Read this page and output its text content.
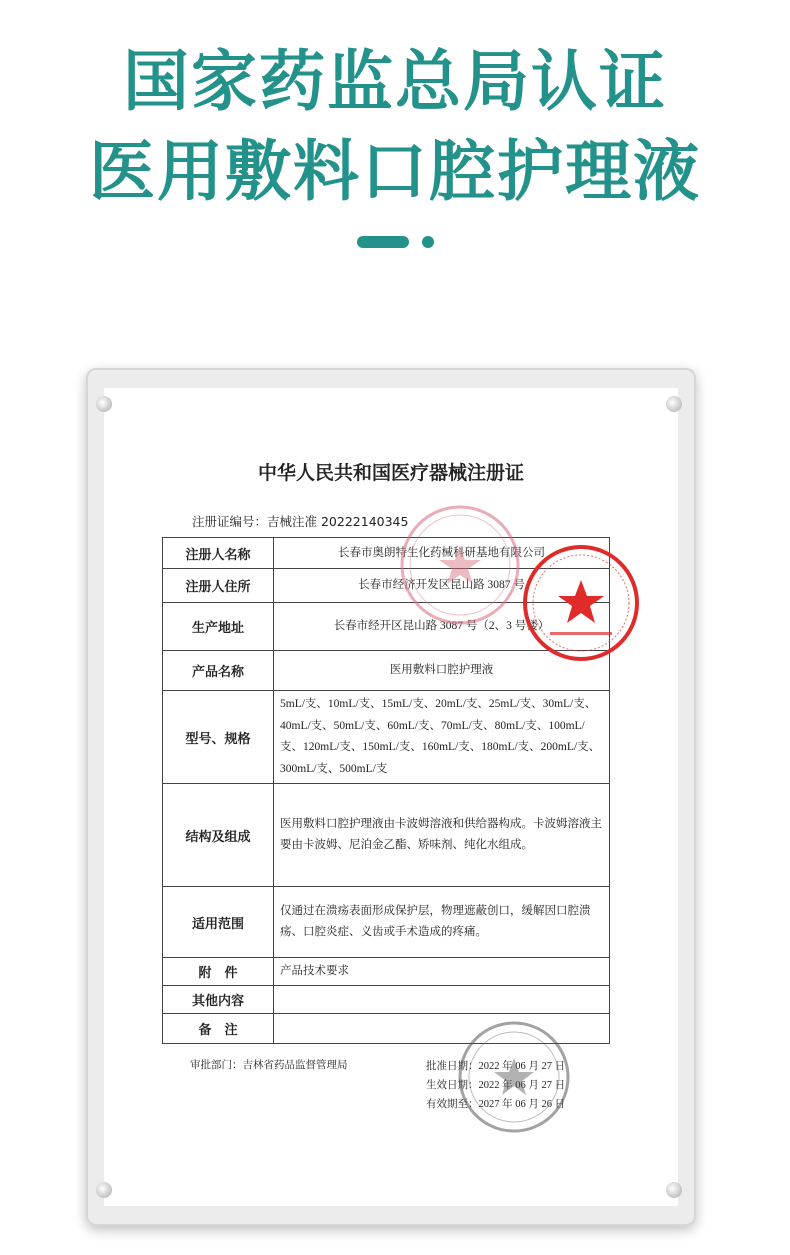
国家药监总局认证
医用敷料口腔护理液
中华人民共和国医疗器械注册证
注册证编号：吉械注准 20222140345
注册人名称	长春市奥朗特生化药械科研基地有限公司
注册人住所	长春市经济开发区昆山路 3087 号
生产地址	长春市经开区昆山路 3087 号（2、3 号楼）
产品名称	医用敷料口腔护理液
型号、规格	5mL/支、10mL/支、15mL/支、20mL/支、25mL/支、30mL/支、40mL/支、50mL/支、60mL/支、70mL/支、80mL/支、100mL/支、120mL/支、150mL/支、160mL/支、180mL/支、200mL/支、300mL/支、500mL/支
结构及组成	医用敷料口腔护理液由卡波姆溶液和供给器构成。卡波姆溶液主要由卡波姆、尼泊金乙酯、矫味剂、纯化水组成。
适用范围	仅通过在溃疡表面形成保护层，物理遮蔽创口，缓解因口腔溃疡、口腔炎症、义齿或手术造成的疼痛。
附　件	产品技术要求
其他内容	
备　注	
审批部门：吉林省药品监督管理局	批准日期：2022 年 06 月 27 日
生效日期：2022 年 06 月 27 日
有效期至：2027 年 06 月 26 日
